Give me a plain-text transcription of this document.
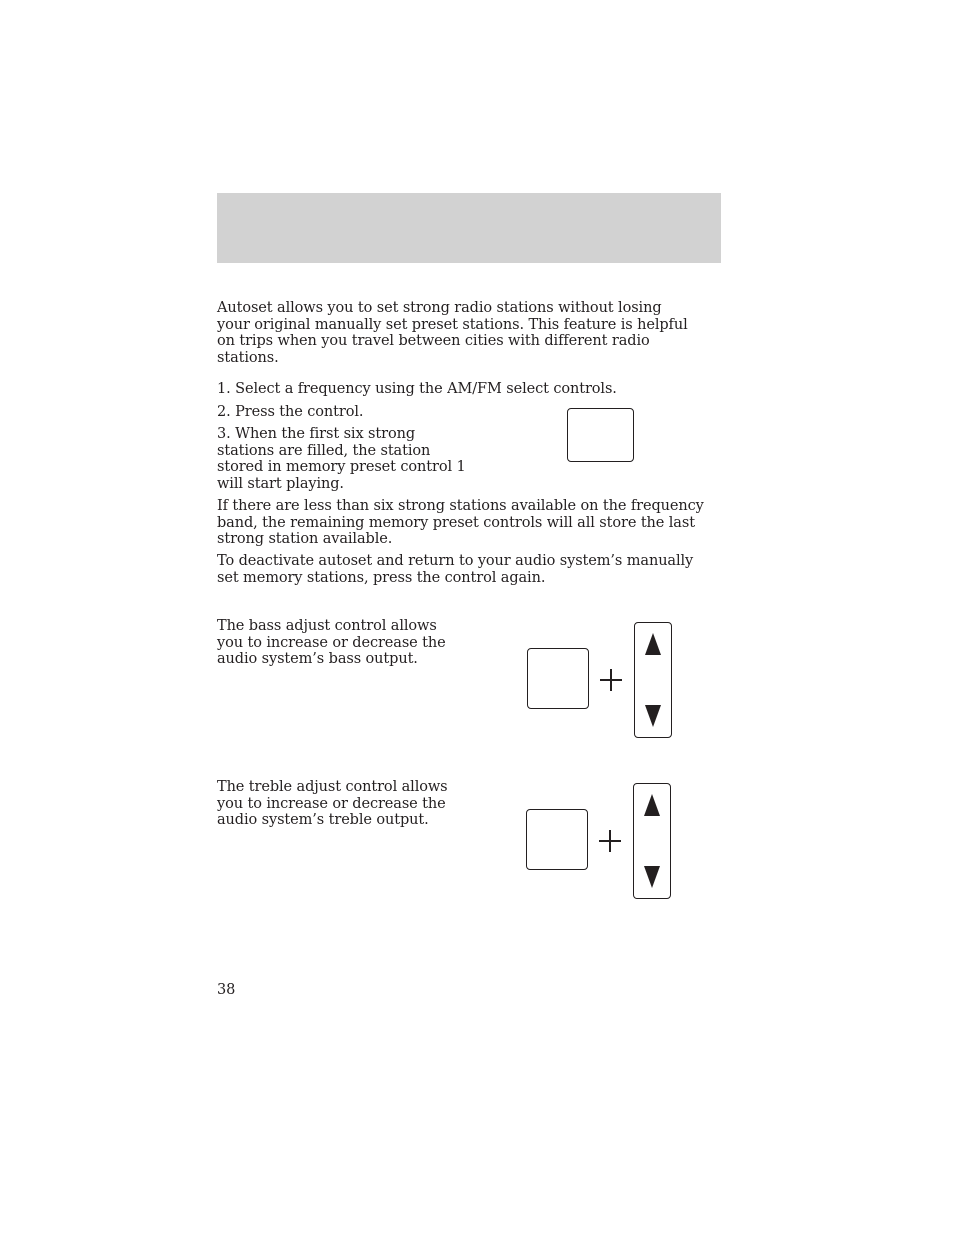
Autoset allows you to set strong radio stations without losing your original manually set preset stations. This feature is helpful on trips when you travel between cities with different radio stations.

1. Select a frequency using the AM/FM select controls.

2. Press the control.

3. When the first six strong stations are filled, the station stored in memory preset control 1 will start playing.

If there are less than six strong stations available on the frequency band, the remaining memory preset controls will all store the last strong station available.

To deactivate autoset and return to your audio system’s manually set memory stations, press the control again.

The bass adjust control allows you to increase or decrease the audio system’s bass output.

The treble adjust control allows you to increase or decrease the audio system’s treble output.

38
